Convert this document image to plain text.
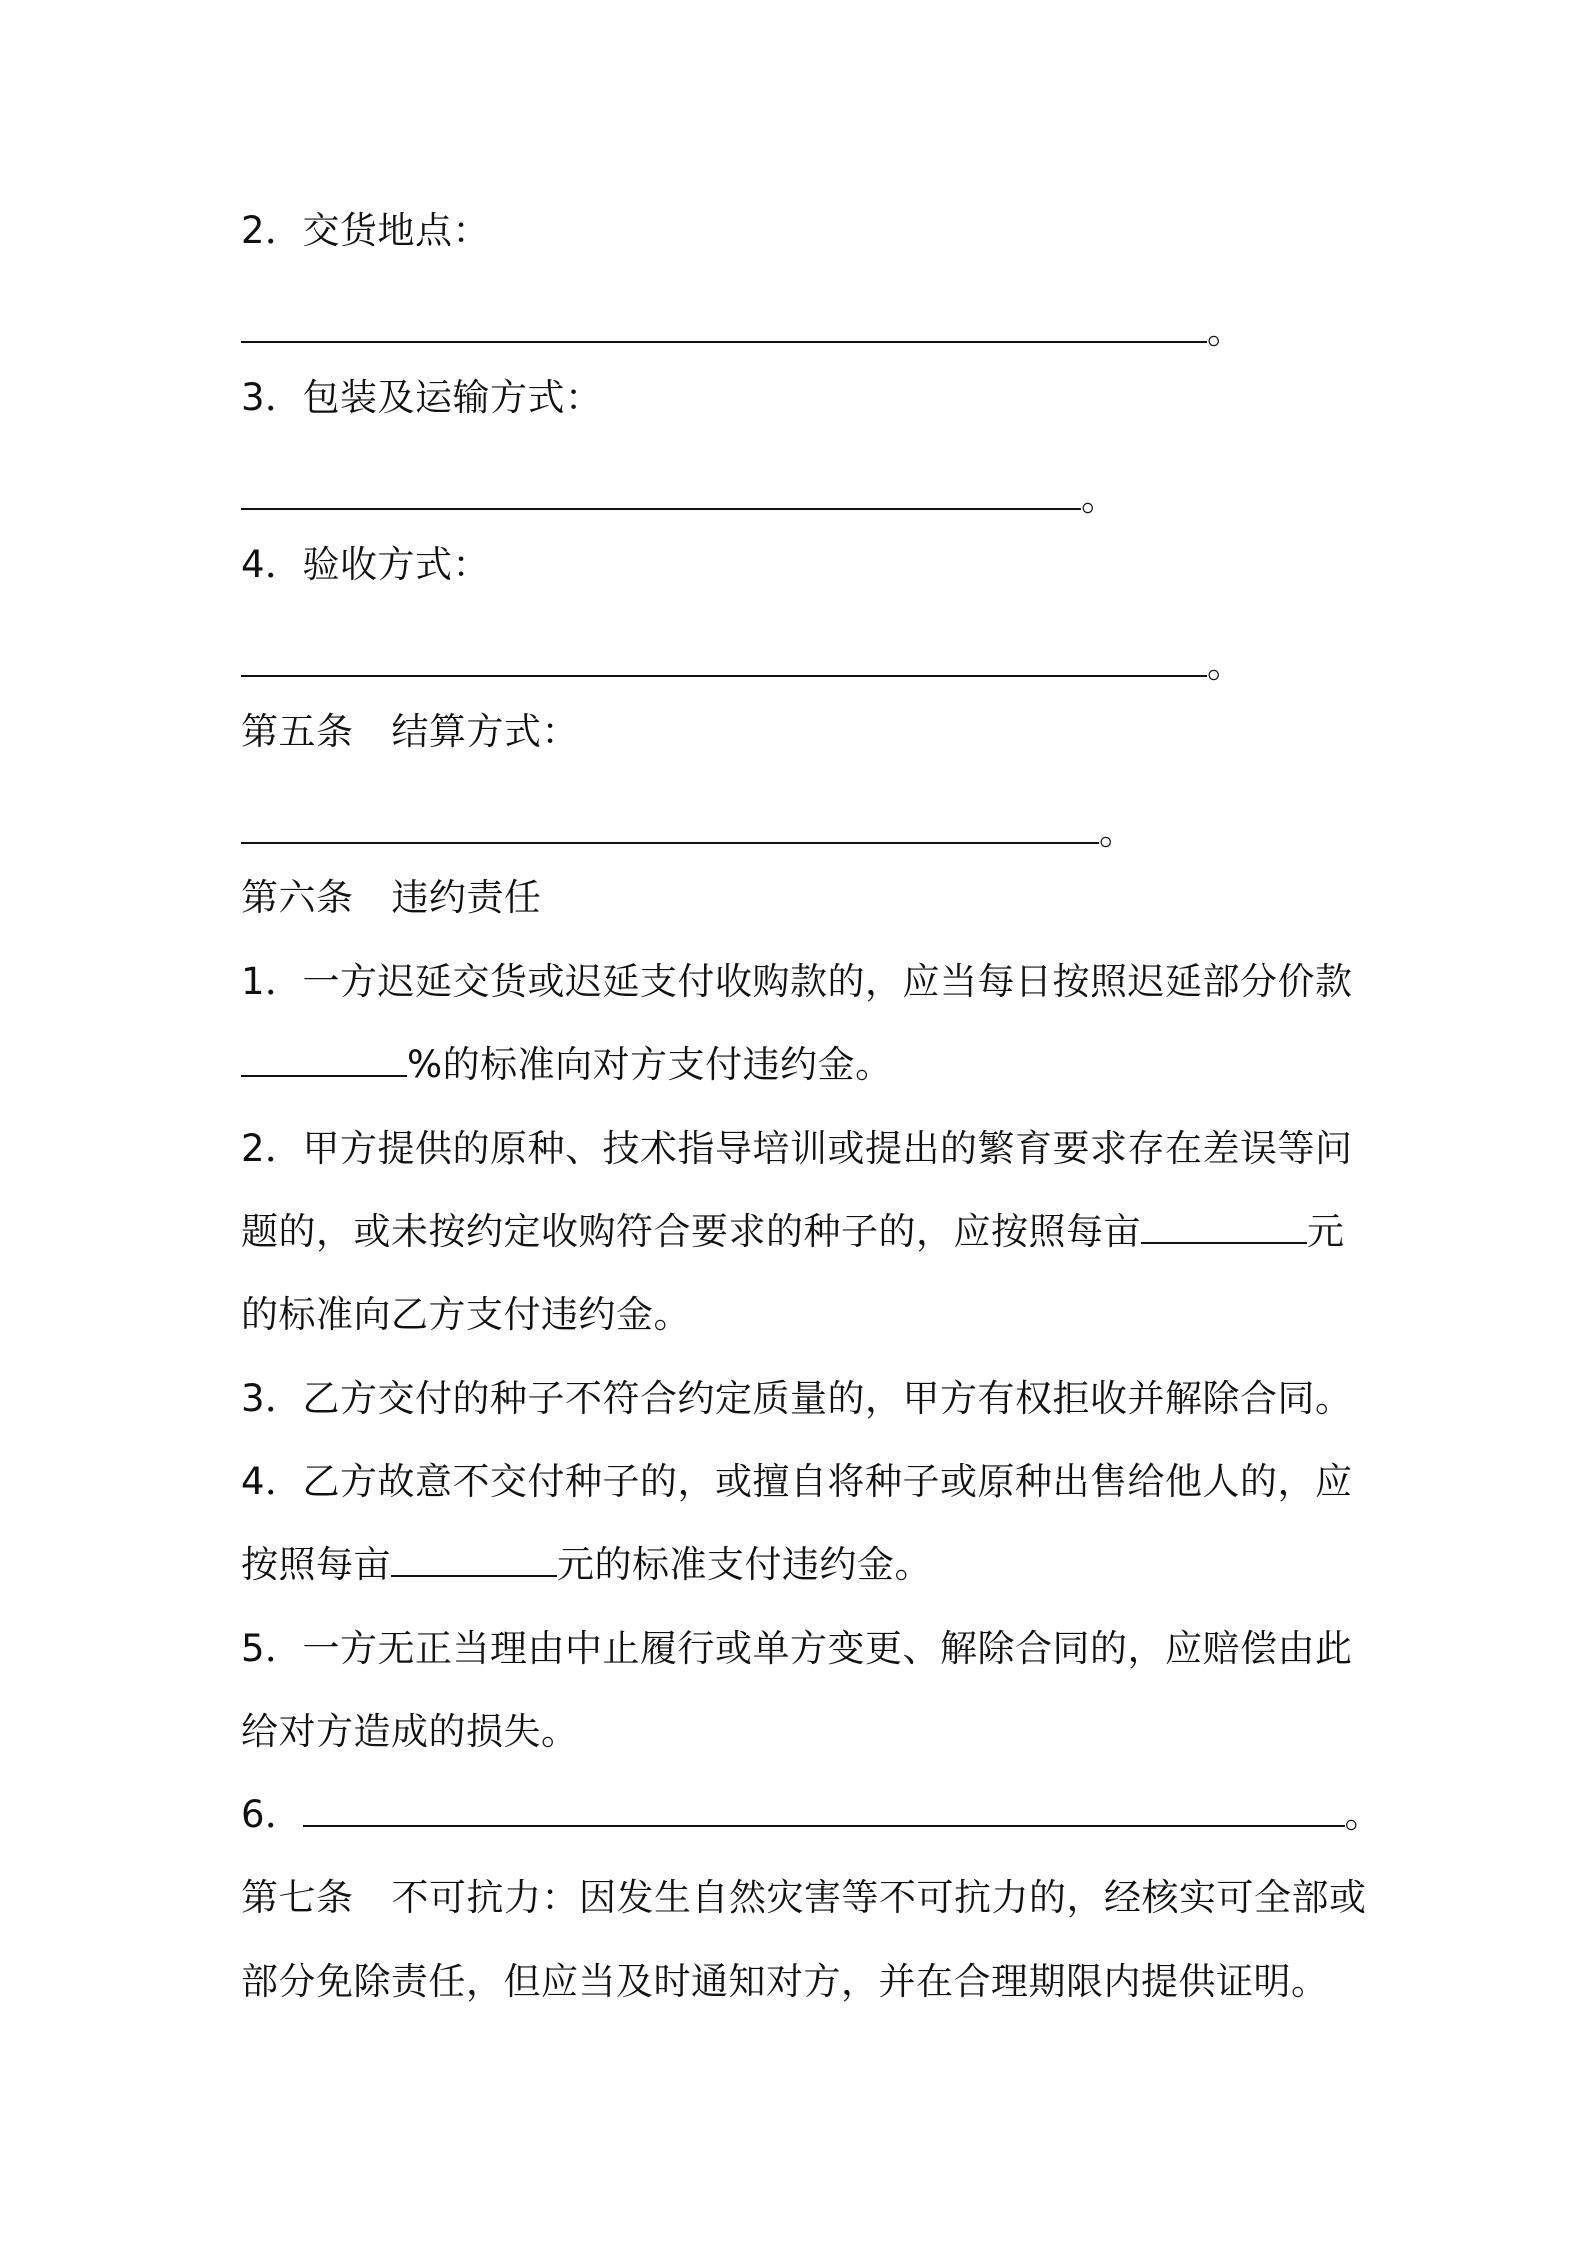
2．交货地点：
。
3．包装及运输方式：
。
4．验收方式：
。
第五条 结算方式：
。
第六条 违约责任
1．一方迟延交货或迟延支付收购款的，应当每日按照迟延部分价款
%的标准向对方支付违约金。
2．甲方提供的原种、技术指导培训或提出的繁育要求存在差误等问
题的，或未按约定收购符合要求的种子的，应按照每亩	元
的标准向乙方支付违约金。
3．乙方交付的种子不符合约定质量的，甲方有权拒收并解除合同。
4．乙方故意不交付种子的，或擅自将种子或原种出售给他人的，应
按照每亩	元的标准支付违约金。
5．一方无正当理由中止履行或单方变更、解除合同的，应赔偿由此
给对方造成的损失。
6．	。
第七条 不可抗力：因发生自然灾害等不可抗力的，经核实可全部或
部分免除责任，但应当及时通知对方，并在合理期限内提供证明。
